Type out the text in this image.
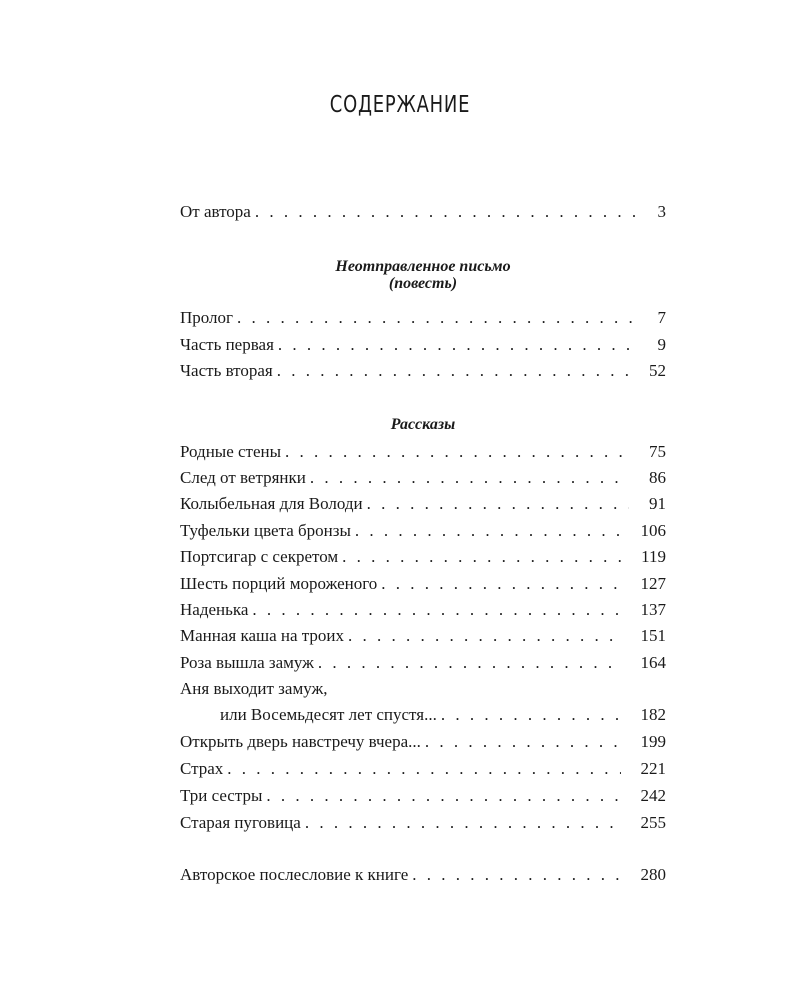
СОДЕРЖАНИЕ
От автора . . .	3
Неотправленное письмо
(повесть)
Пролог . . .	7
Часть первая . . .	9
Часть вторая . . .	52
Рассказы
Родные стены . . .	75
След от ветрянки . . .	86
Колыбельная для Володи . . .	91
Туфельки цвета бронзы . . .	106
Портсигар с секретом . . .	119
Шесть порций мороженого . . .	127
Наденька . . .	137
Манная каша на троих . . .	151
Роза вышла замуж . . .	164
Аня выходит замуж,
или Восемьдесят лет спустя... . . .	182
Открыть дверь навстречу вчера... . . .	199
Страх . . .	221
Три сестры . . .	242
Старая пуговица . . .	255
Авторское послесловие к книге . . .	280
